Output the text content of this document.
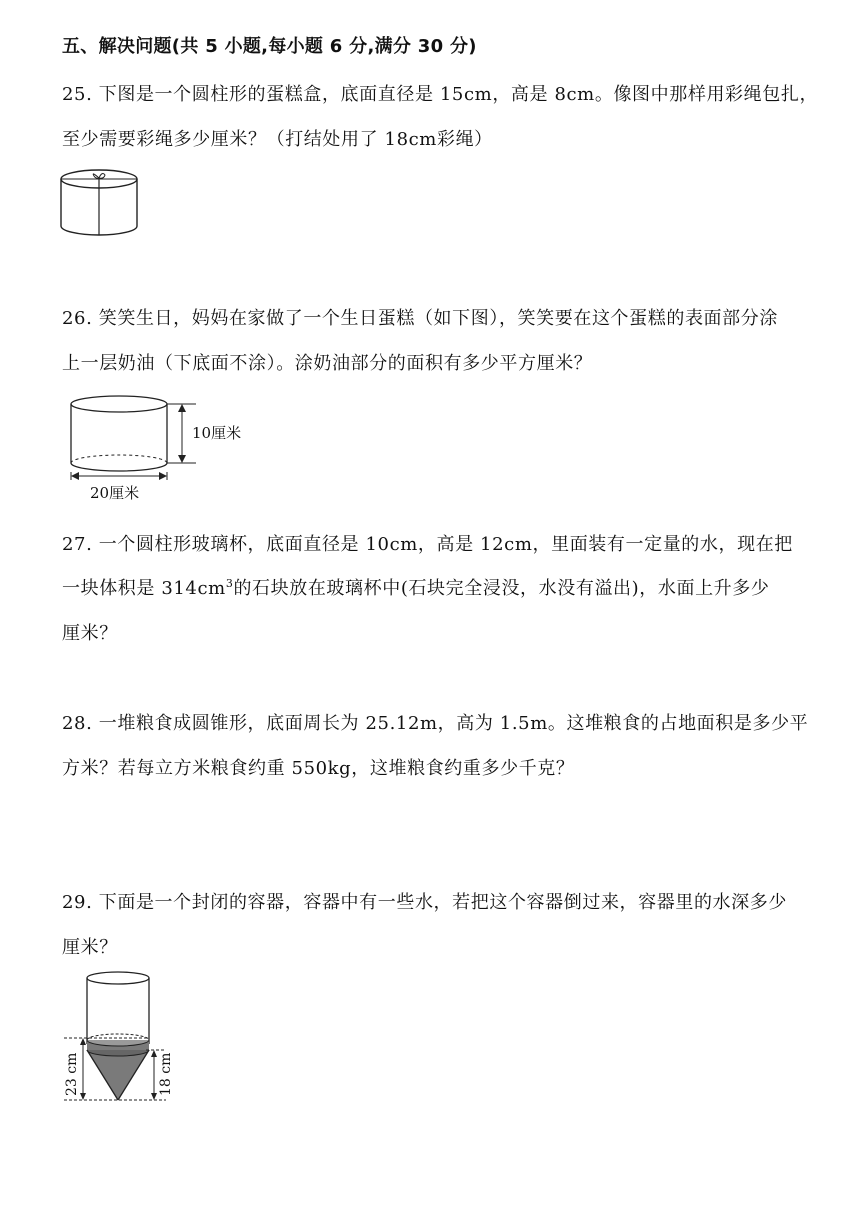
五、解决问题(共 5 小题,每小题 6 分,满分 30 分)
25. 下图是一个圆柱形的蛋糕盒，底面直径是 15cm，高是 8cm。像图中那样用彩绳包扎，
至少需要彩绳多少厘米？（打结处用了 18cm彩绳）
26. 笑笑生日，妈妈在家做了一个生日蛋糕（如下图），笑笑要在这个蛋糕的表面部分涂
上一层奶油（下底面不涂）。涂奶油部分的面积有多少平方厘米？
10厘米
20厘米
27. 一个圆柱形玻璃杯，底面直径是 10cm，高是 12cm，里面装有一定量的水，现在把
一块体积是 $314cm^3$的石块放在玻璃杯中(石块完全浸没，水没有溢出)，水面上升多少
厘米？
28. 一堆粮食成圆锥形，底面周长为 25.12m，高为 1.5m。这堆粮食的占地面积是多少平
方米？若每立方米粮食约重 550kg，这堆粮食约重多少千克？
29. 下面是一个封闭的容器，容器中有一些水，若把这个容器倒过来，容器里的水深多少
厘米？
23 cm	18 cm
